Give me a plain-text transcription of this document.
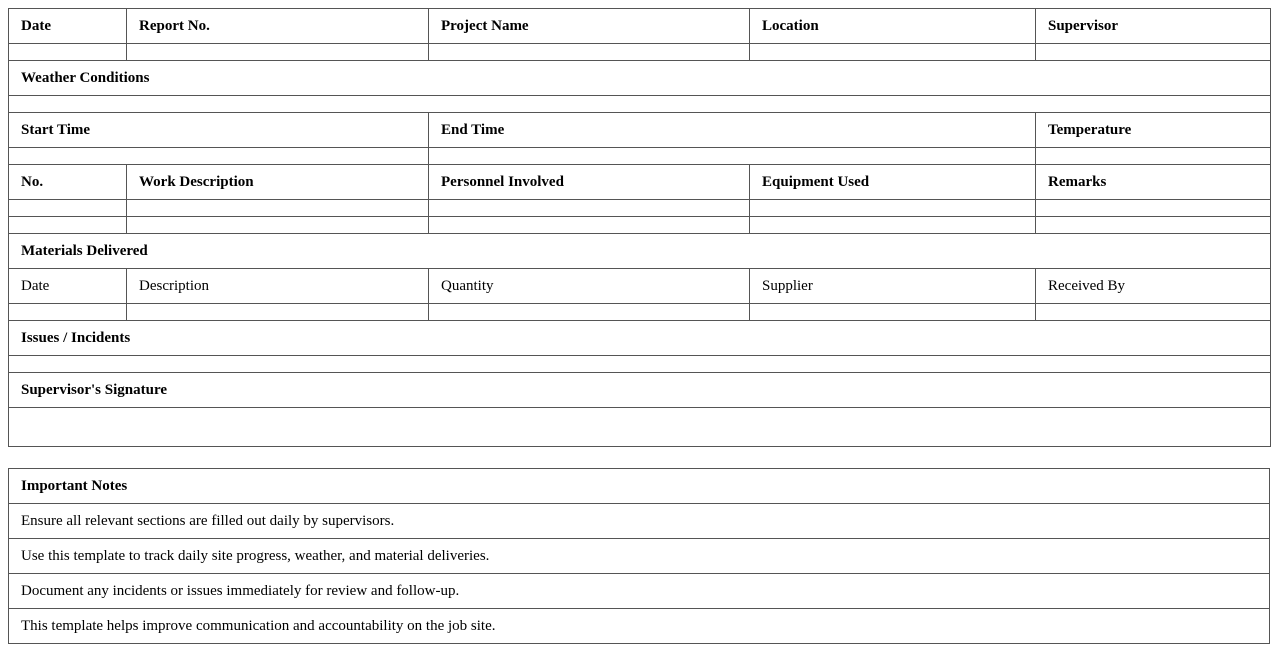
Date	Report No.	Project Name	Location	Supervisor

Weather Conditions				

Start Time		End Time		Temperature

No.	Work Description	Personnel Involved	Equipment Used	Remarks

Materials Delivered				
Date	Description	Quantity	Supplier	Received By

Issues / Incidents				

Supervisor's Signature				

Important Notes
Ensure all relevant sections are filled out daily by supervisors.
Use this template to track daily site progress, weather, and material deliveries.
Document any incidents or issues immediately for review and follow-up.
This template helps improve communication and accountability on the job site.
